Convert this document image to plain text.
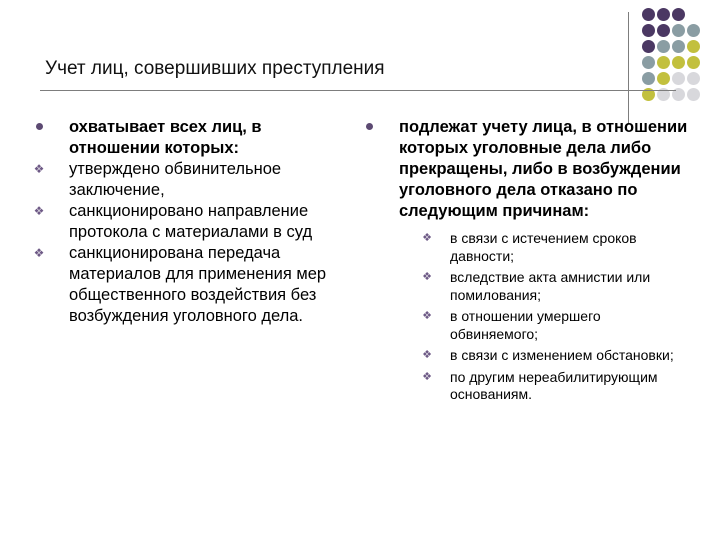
Учет лиц, совершивших преступления
охватывает всех лиц, в отношении которых:
❖ утверждено обвинительное заключение,
❖ санкционировано направление протокола с материалами в суд
❖ санкционирована передача материалов для применения мер общественного воздействия без возбуждения уголовного дела.
подлежат учету лица, в отношении которых уголовные дела либо прекращены, либо в возбуждении уголовного дела отказано по следующим причинам:
❖ в связи с истечением сроков давности;
❖ вследствие акта амнистии или помилования;
❖ в отношении умершего обвиняемого;
❖ в связи с изменением обстановки;
❖ по другим нереабилитирующим основаниям.
